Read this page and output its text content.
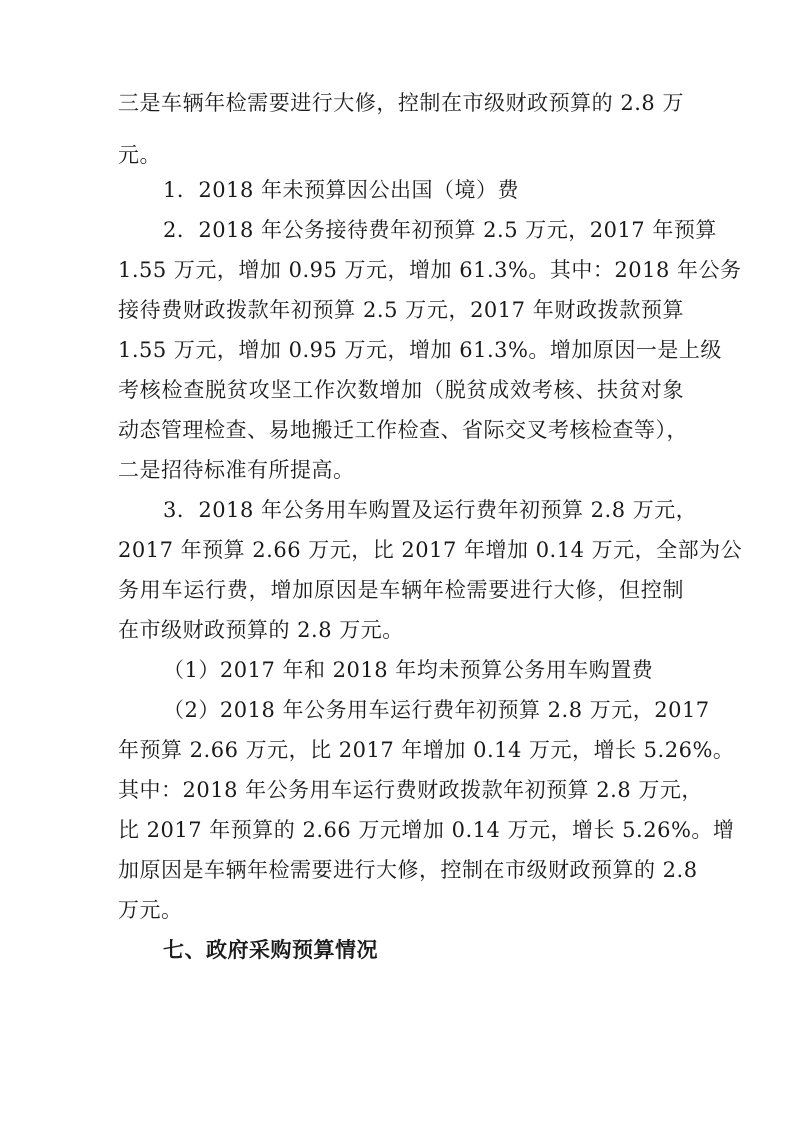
三是车辆年检需要进行大修，控制在市级财政预算的 2.8 万
元。
1．2018 年未预算因公出国（境）费
2．2018 年公务接待费年初预算 2.5 万元，2017 年预算
1.55 万元，增加 0.95 万元，增加 61.3%。其中：2018 年公务
接待费财政拨款年初预算 2.5 万元，2017 年财政拨款预算
1.55 万元，增加 0.95 万元，增加 61.3%。增加原因一是上级
考核检查脱贫攻坚工作次数增加（脱贫成效考核、扶贫对象
动态管理检查、易地搬迁工作检查、省际交叉考核检查等），
二是招待标准有所提高。
3．2018 年公务用车购置及运行费年初预算 2.8 万元，
2017 年预算 2.66 万元，比 2017 年增加 0.14 万元，全部为公
务用车运行费，增加原因是车辆年检需要进行大修，但控制
在市级财政预算的 2.8 万元。
（1）2017 年和 2018 年均未预算公务用车购置费
（2）2018 年公务用车运行费年初预算 2.8 万元，2017
年预算 2.66 万元，比 2017 年增加 0.14 万元，增长 5.26%。
其中：2018 年公务用车运行费财政拨款年初预算 2.8 万元，
比 2017 年预算的 2.66 万元增加 0.14 万元，增长 5.26%。增
加原因是车辆年检需要进行大修，控制在市级财政预算的 2.8
万元。
七、政府采购预算情况
